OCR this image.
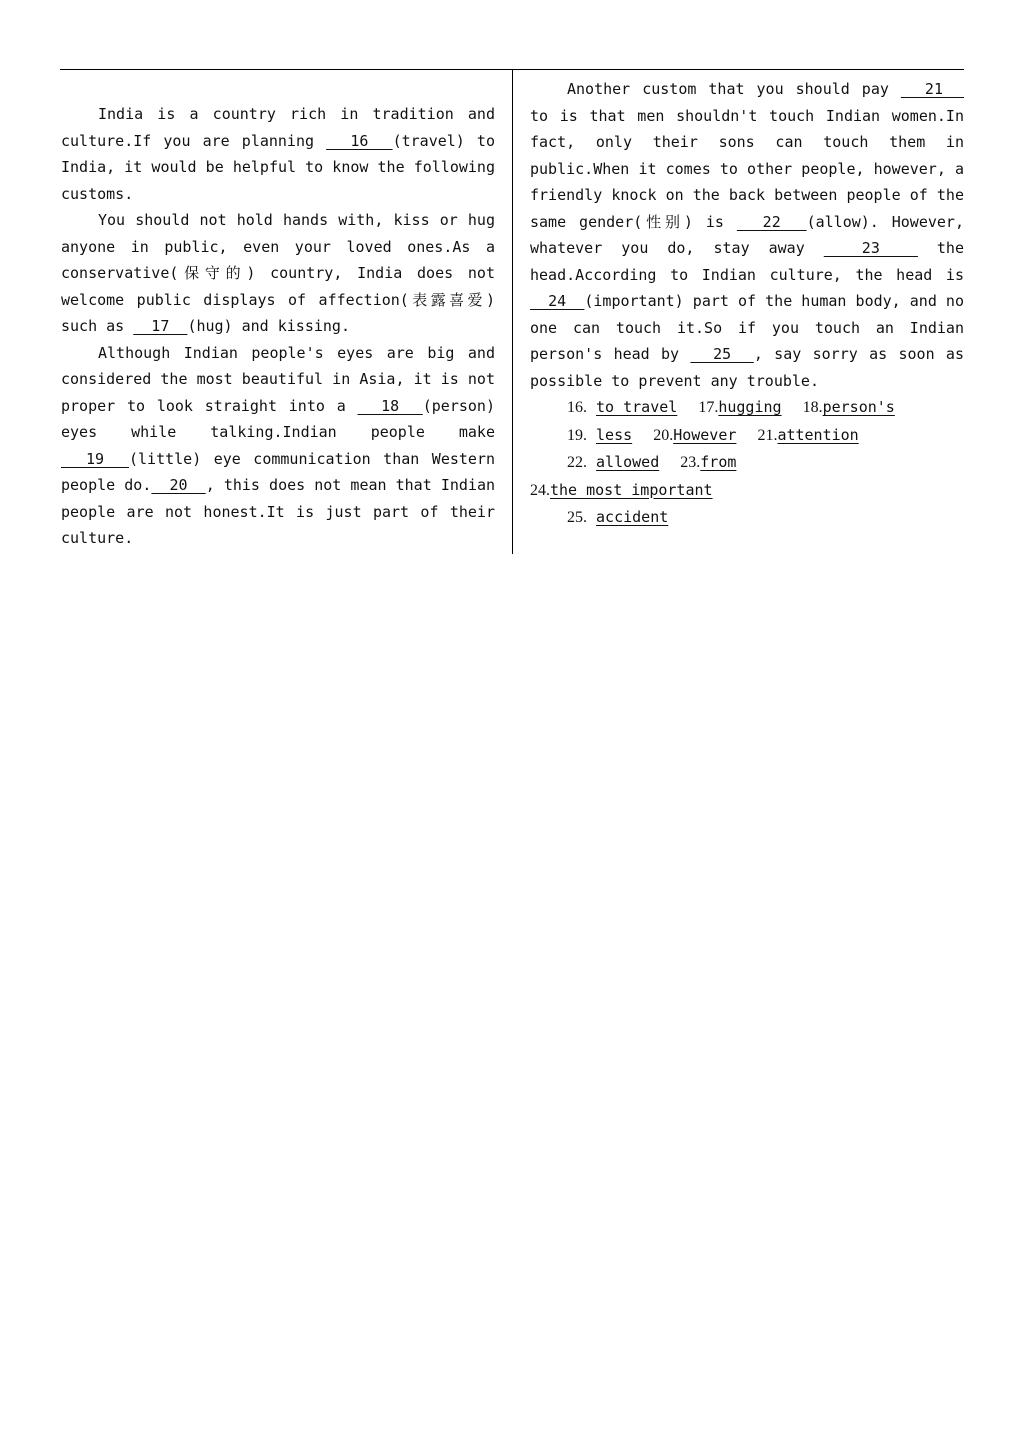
India is a country rich in tradition and culture.If you are planning   16  (travel) to India, it would be helpful to know the following customs.

You should not hold hands with, kiss or hug anyone in public, even your loved ones.As a conservative(保守的) country, India does not welcome public displays of affection(表露喜爱) such as   17  (hug) and kissing.

Although Indian people's eyes are big and considered the most beautiful in Asia, it is not proper to look straight into a   18  (person) eyes while talking.Indian people make   19  (little) eye communication than Western people do.  20  , this does not mean that Indian people are not honest.It is just part of their culture.

Another custom that you should pay   21   to is that men shouldn't touch Indian women.In fact, only their sons can touch them in public.When it comes to other people, however, a friendly knock on the back between people of the same gender(性别) is   22  (allow). However, whatever you do, stay away   23   the head.According to Indian culture, the head is   24  (important) part of the human body, and no one can touch it.So if you touch an Indian person's head by   25  , say sorry as soon as possible to prevent any trouble.

16. to travel 17.hugging 18.person's

19. less 20.However 21.attention

22. allowed 23.from

24.the most important

25. accident
